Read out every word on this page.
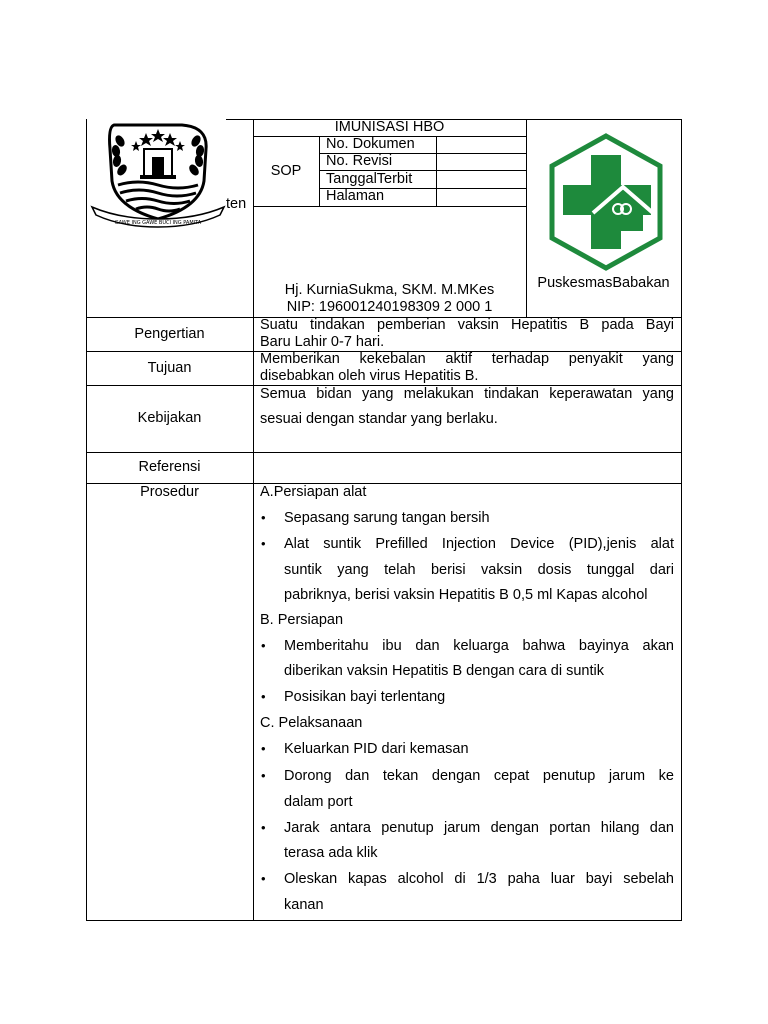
GAWE ING GAWE BUCI ING PAMITA
ten
IMUNISASI HBO
SOP
No. Dokumen
No. Revisi
TanggalTerbit
Halaman
Hj. KurniaSukma, SKM. M.MKes
NIP: 196001240198309 2 000 1
PuskesmasBabakan
Pengertian
Tujuan
Kebijakan
Referensi
Prosedur
Suatu tindakan pemberian vaksin Hepatitis B pada Bayi
Baru Lahir 0-7 hari.
Memberikan kekebalan aktif terhadap penyakit yang
disebabkan oleh virus Hepatitis B.
Semua bidan yang melakukan tindakan keperawatan yang
sesuai dengan standar yang berlaku.
A.Persiapan alat
• Sepasang sarung tangan bersih
• Alat suntik Prefilled Injection Device (PID),jenis alat
suntik yang telah berisi vaksin dosis tunggal dari
pabriknya, berisi vaksin Hepatitis B 0,5 ml Kapas alcohol
B. Persiapan
• Memberitahu ibu dan keluarga bahwa bayinya akan
diberikan vaksin Hepatitis B dengan cara di suntik
• Posisikan bayi terlentang
C. Pelaksanaan
• Keluarkan PID dari kemasan
• Dorong dan tekan dengan cepat penutup jarum ke
dalam port
• Jarak antara penutup jarum dengan portan hilang dan
terasa ada klik
• Oleskan kapas alcohol di 1/3 paha luar bayi sebelah
kanan
